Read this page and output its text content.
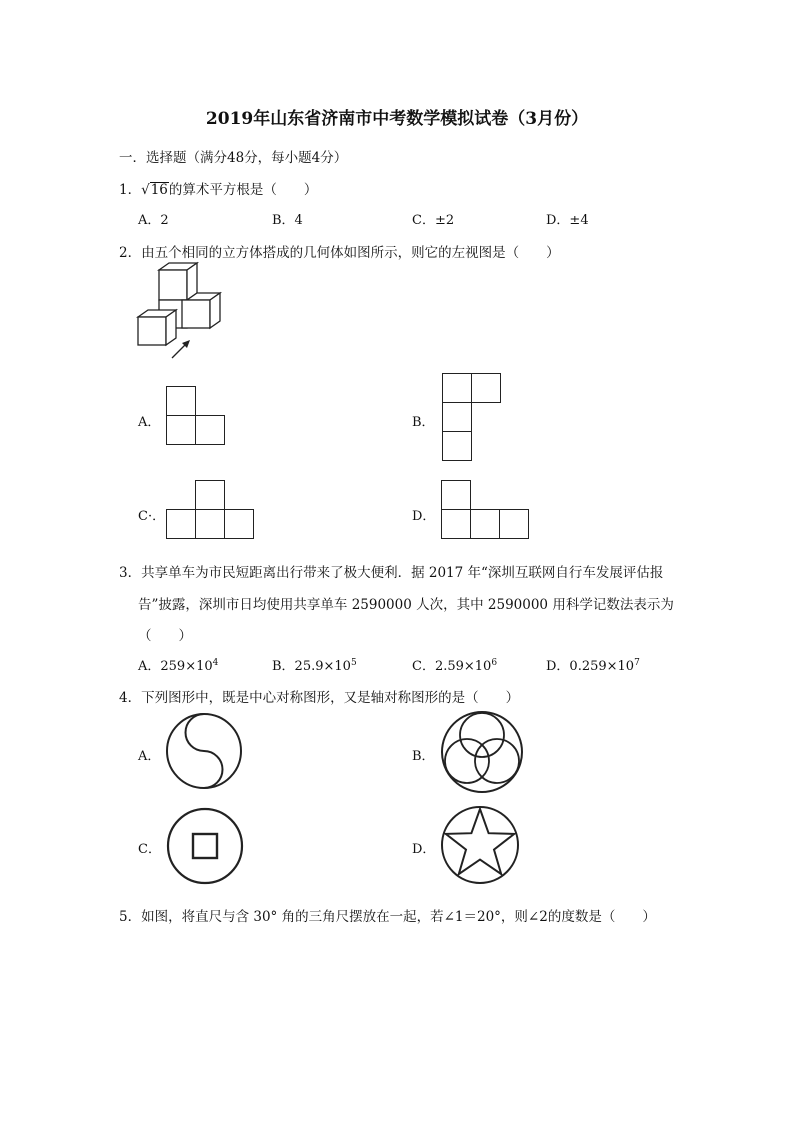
2019年山东省济南市中考数学模拟试卷（3月份）
一．选择题（满分48分，每小题4分）
1．√16的算术平方根是（　　）
A．2	B．4	C．±2	D．±4
2．由五个相同的立方体搭成的几何体如图所示，则它的左视图是（　　）
A．	B．
C·．	D．
3．共享单车为市民短距离出行带来了极大便利．据 2017 年“深圳互联网自行车发展评估报
告”披露，深圳市日均使用共享单车 2590000 人次，其中 2590000 用科学记数法表示为
（　　）
A．$259\times 10^4$	B．$25.9\times 10^5$	C．$2.59\times 10^6$	D．$0.259\times 10^7$
4．下列图形中，既是中心对称图形，又是轴对称图形的是（　　）
A．	B．
C．	D．
5．如图，将直尺与含 30° 角的三角尺摆放在一起，若∠1＝20°，则∠2的度数是（　　）
